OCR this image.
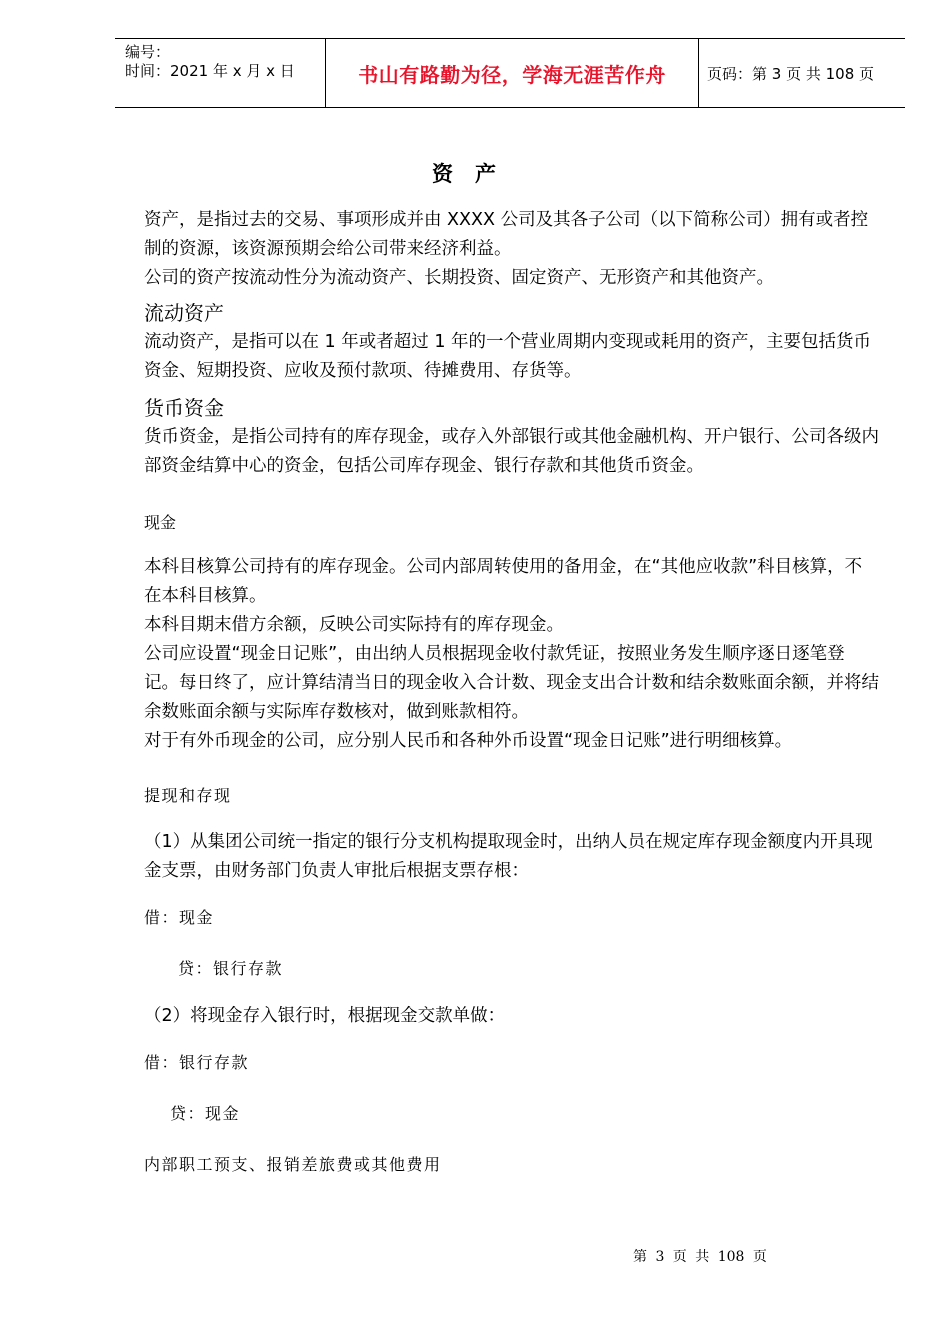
编号：
时间：2021 年 x 月 x 日	书山有路勤为径，学海无涯苦作舟	页码：第 3 页 共 108 页
资产

资产，是指过去的交易、事项形成并由 XXXX 公司及其各子公司（以下简称公司）拥有或者控制的资源，该资源预期会给公司带来经济利益。

公司的资产按流动性分为流动资产、长期投资、固定资产、无形资产和其他资产。

流动资产

流动资产，是指可以在 1 年或者超过 1 年的一个营业周期内变现或耗用的资产，主要包括货币资金、短期投资、应收及预付款项、待摊费用、存货等。

货币资金

货币资金，是指公司持有的库存现金，或存入外部银行或其他金融机构、开户银行、公司各级内部资金结算中心的资金，包括公司库存现金、银行存款和其他货币资金。

现金

本科目核算公司持有的库存现金。公司内部周转使用的备用金，在“其他应收款”科目核算，不在本科目核算。

本科目期末借方余额，反映公司实际持有的库存现金。

公司应设置“现金日记账”，由出纳人员根据现金收付款凭证，按照业务发生顺序逐日逐笔登记。每日终了，应计算结清当日的现金收入合计数、现金支出合计数和结余数账面余额，并将结余数账面余额与实际库存数核对，做到账款相符。

对于有外币现金的公司，应分别人民币和各种外币设置“现金日记账”进行明细核算。

提现和存现

（1）从集团公司统一指定的银行分支机构提取现金时，出纳人员在规定库存现金额度内开具现金支票，由财务部门负责人审批后根据支票存根：

借：现金
贷：银行存款

（2）将现金存入银行时，根据现金交款单做：

借：银行存款
贷：现金
内部职工预支、报销差旅费或其他费用
第 3 页 共 108 页
